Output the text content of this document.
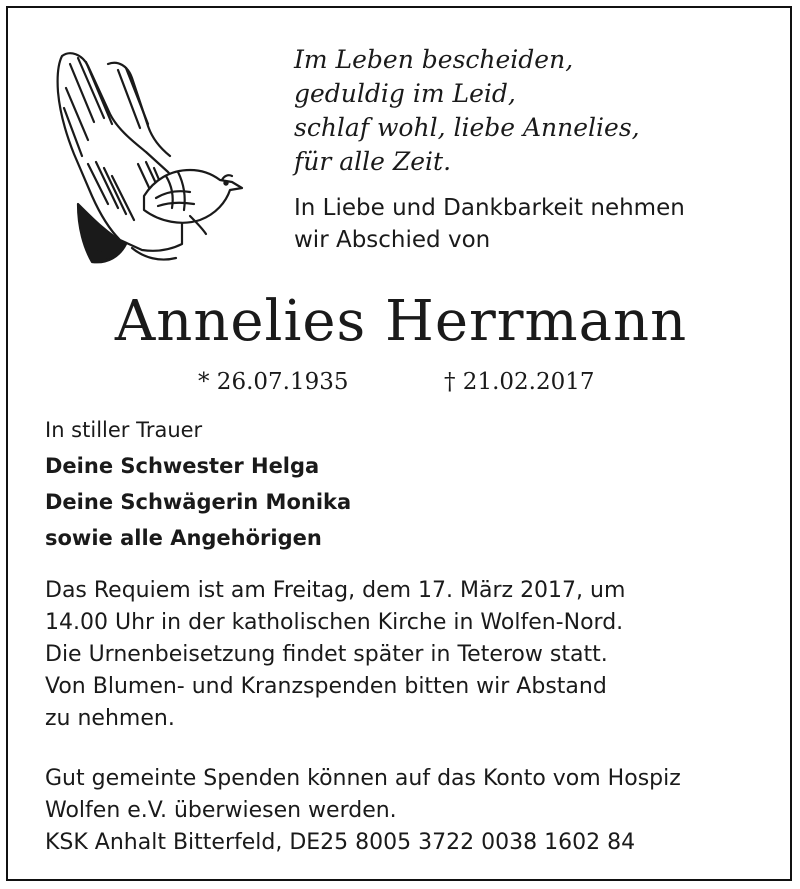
Im Leben bescheiden,
geduldig im Leid,
schlaf wohl, liebe Annelies,
für alle Zeit.
In Liebe und Dankbarkeit nehmen
wir Abschied von
Annelies Herrmann
* 26.07.1935	† 21.02.2017
In stiller Trauer
Deine Schwester Helga
Deine Schwägerin Monika
sowie alle Angehörigen
Das Requiem ist am Freitag, dem 17. März 2017, um
14.00 Uhr in der katholischen Kirche in Wolfen-Nord.
Die Urnenbeisetzung findet später in Teterow statt.
Von Blumen- und Kranzspenden bitten wir Abstand
zu nehmen.
Gut gemeinte Spenden können auf das Konto vom Hospiz
Wolfen e.V. überwiesen werden.
KSK Anhalt Bitterfeld, DE25 8005 3722 0038 1602 84
